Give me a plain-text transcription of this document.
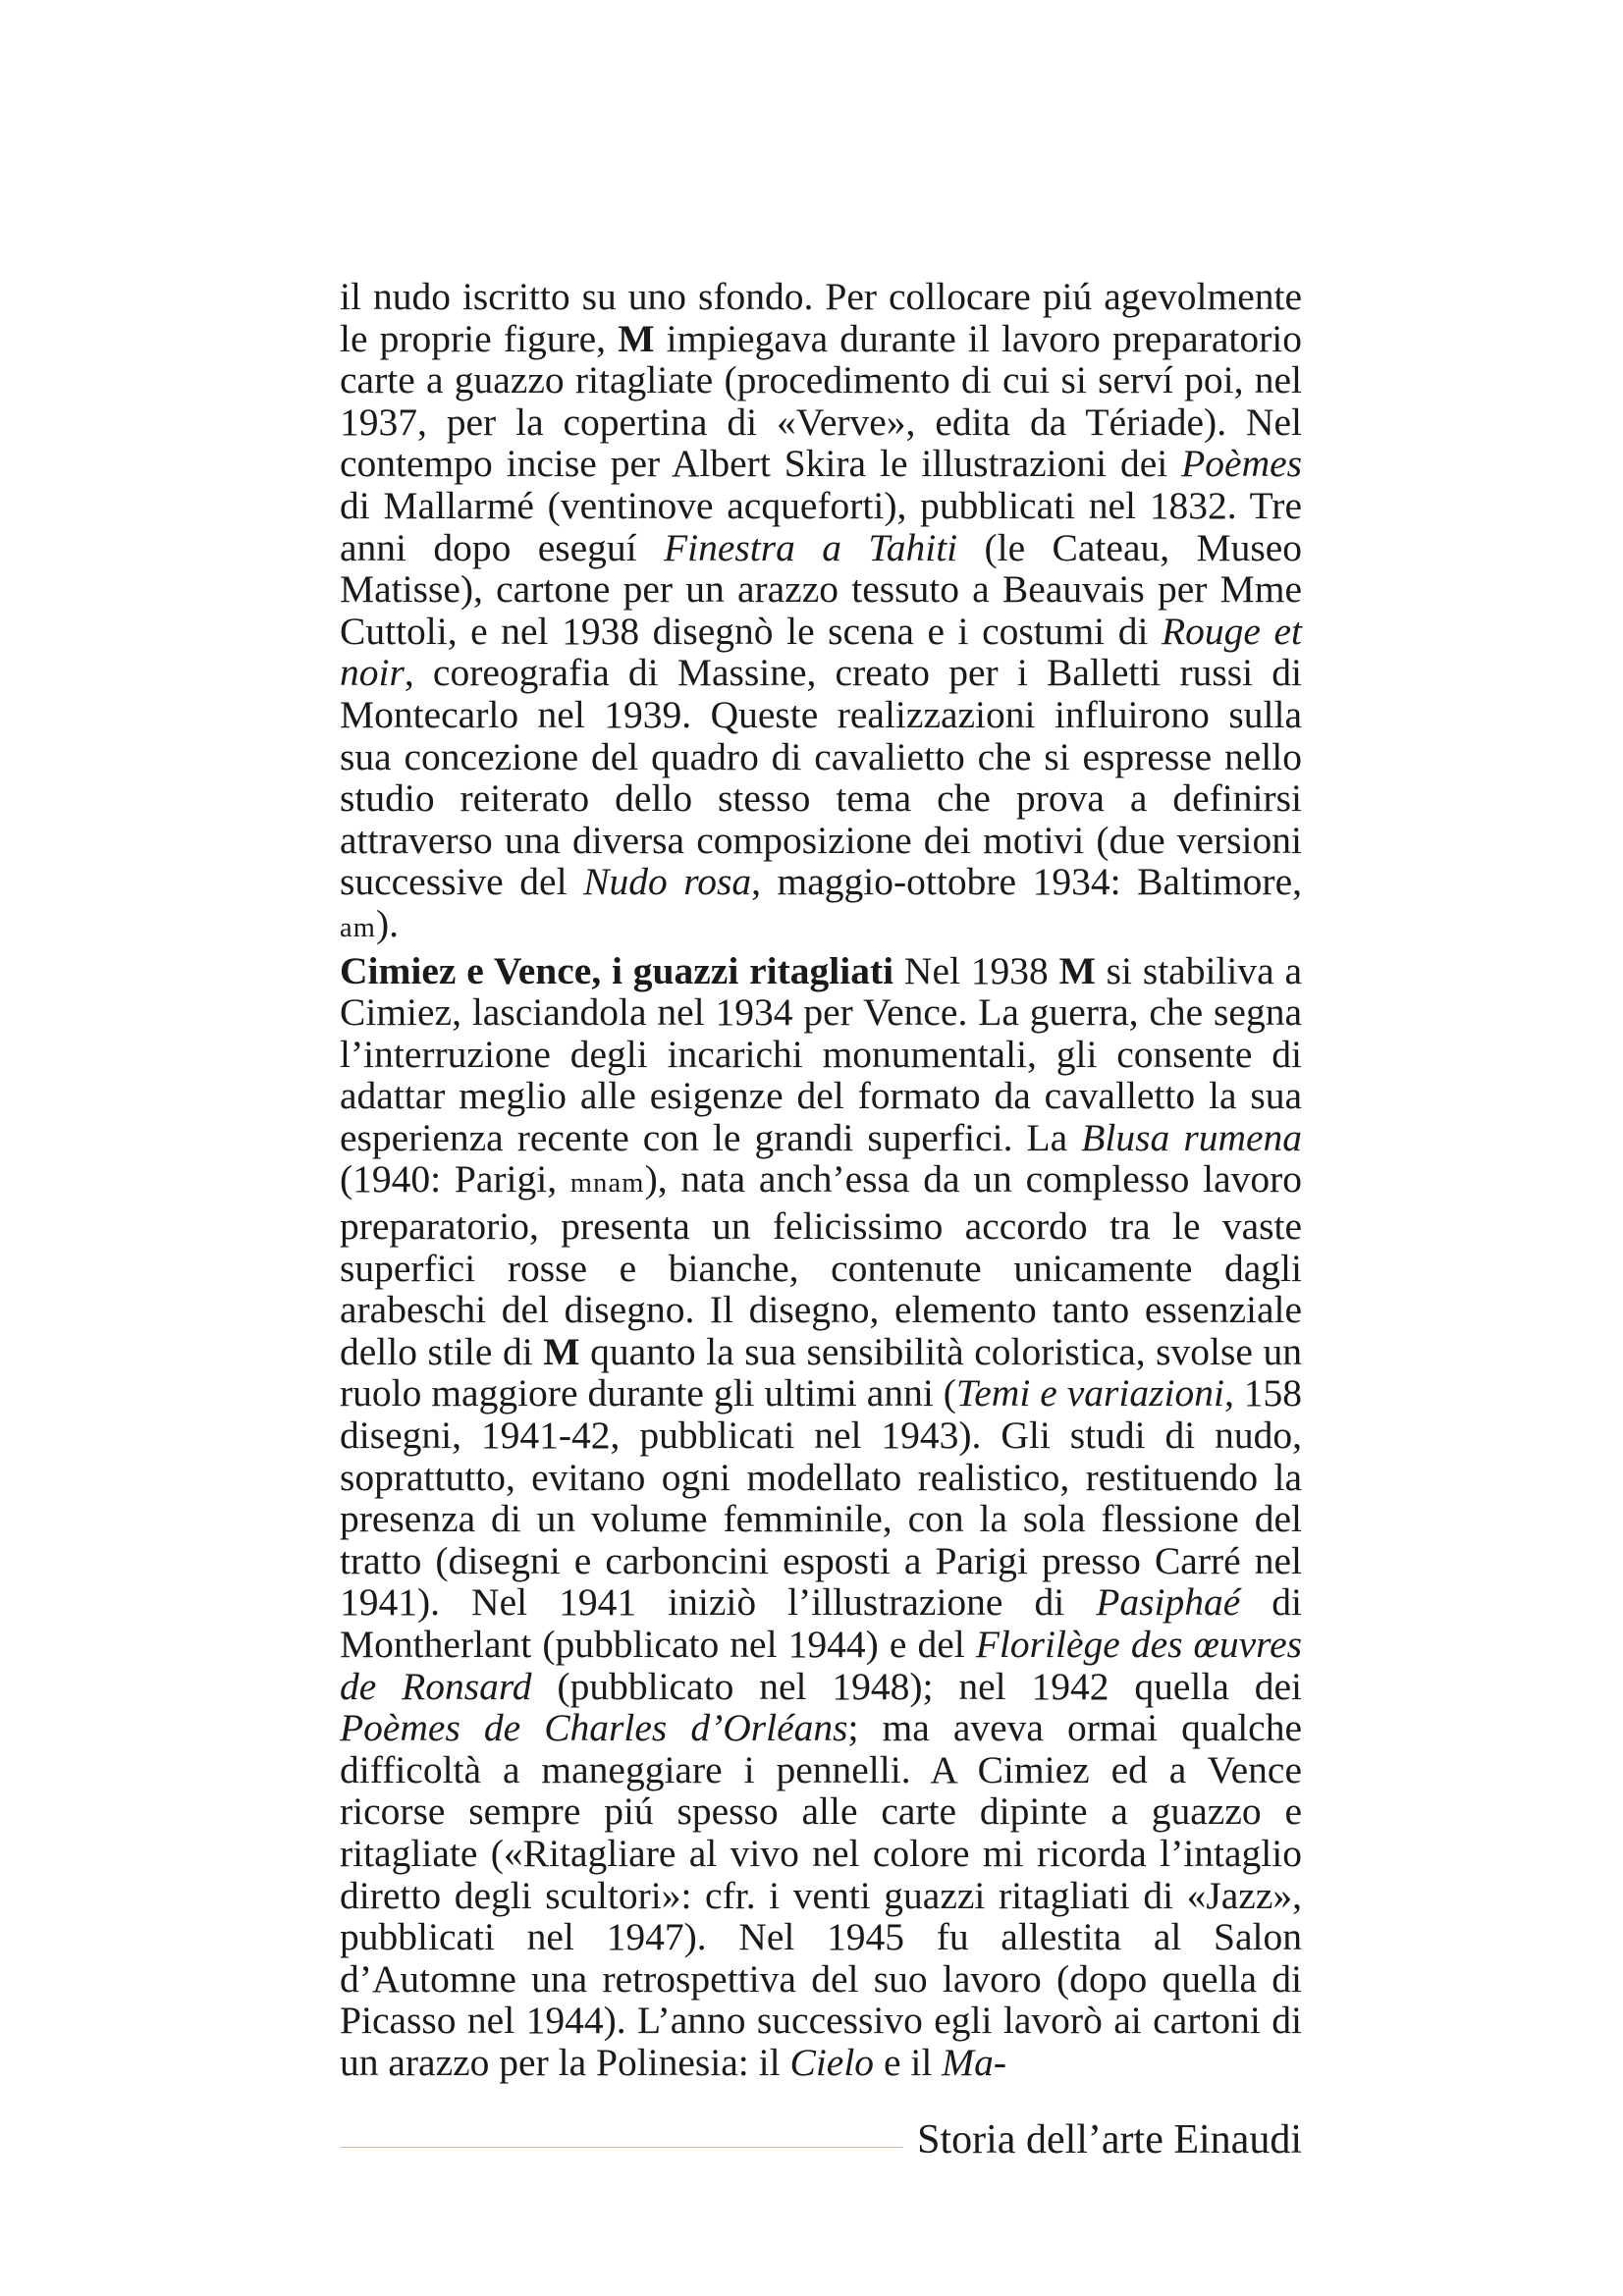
il nudo iscritto su uno sfondo. Per collocare piú agevolmente le proprie figure, M impiegava durante il lavoro preparatorio carte a guazzo ritagliate (procedimento di cui si serví poi, nel 1937, per la copertina di «Verve», edita da Tériade). Nel contempo incise per Albert Skira le illustrazioni dei Poèmes di Mallarmé (ventinove acqueforti), pubblicati nel 1832. Tre anni dopo eseguí Finestra a Tahiti (le Cateau, Museo Matisse), cartone per un arazzo tessuto a Beauvais per Mme Cuttoli, e nel 1938 disegnò le scena e i costumi di Rouge et noir, coreografia di Massine, creato per i Balletti russi di Montecarlo nel 1939. Queste realizzazioni influirono sulla sua concezione del quadro di cavalietto che si espresse nello studio reiterato dello stesso tema che prova a definirsi attraverso una diversa composizione dei motivi (due versioni successive del Nudo rosa, maggio-ottobre 1934: Baltimore, am).

Cimiez e Vence, i guazzi ritagliati Nel 1938 M si stabiliva a Cimiez, lasciandola nel 1934 per Vence. La guerra, che segna l’interruzione degli incarichi monumentali, gli consente di adattar meglio alle esigenze del formato da cavalletto la sua esperienza recente con le grandi superfici. La Blusa rumena (1940: Parigi, mnam), nata anch’essa da un complesso lavoro preparatorio, presenta un felicissimo accordo tra le vaste superfici rosse e bianche, contenute unicamente dagli arabeschi del disegno. Il disegno, elemento tanto essenziale dello stile di M quanto la sua sensibilità coloristica, svolse un ruolo maggiore durante gli ultimi anni (Temi e variazioni, 158 disegni, 1941-42, pubblicati nel 1943). Gli studi di nudo, soprattutto, evitano ogni modellato realistico, restituendo la presenza di un volume femminile, con la sola flessione del tratto (disegni e carboncini esposti a Parigi presso Carré nel 1941). Nel 1941 iniziò l’illustrazione di Pasiphaé di Montherlant (pubblicato nel 1944) e del Florilège des œuvres de Ronsard (pubblicato nel 1948); nel 1942 quella dei Poèmes de Charles d’Orléans; ma aveva ormai qualche difficoltà a maneggiare i pennelli. A Cimiez ed a Vence ricorse sempre piú spesso alle carte dipinte a guazzo e ritagliate («Ritagliare al vivo nel colore mi ricorda l’intaglio diretto degli scultori»: cfr. i venti guazzi ritagliati di «Jazz», pubblicati nel 1947). Nel 1945 fu allestita al Salon d’Automne una retrospettiva del suo lavoro (dopo quella di Picasso nel 1944). L’anno successivo egli lavorò ai cartoni di un arazzo per la Polinesia: il Cielo e il Ma-

Storia dell’arte Einaudi
